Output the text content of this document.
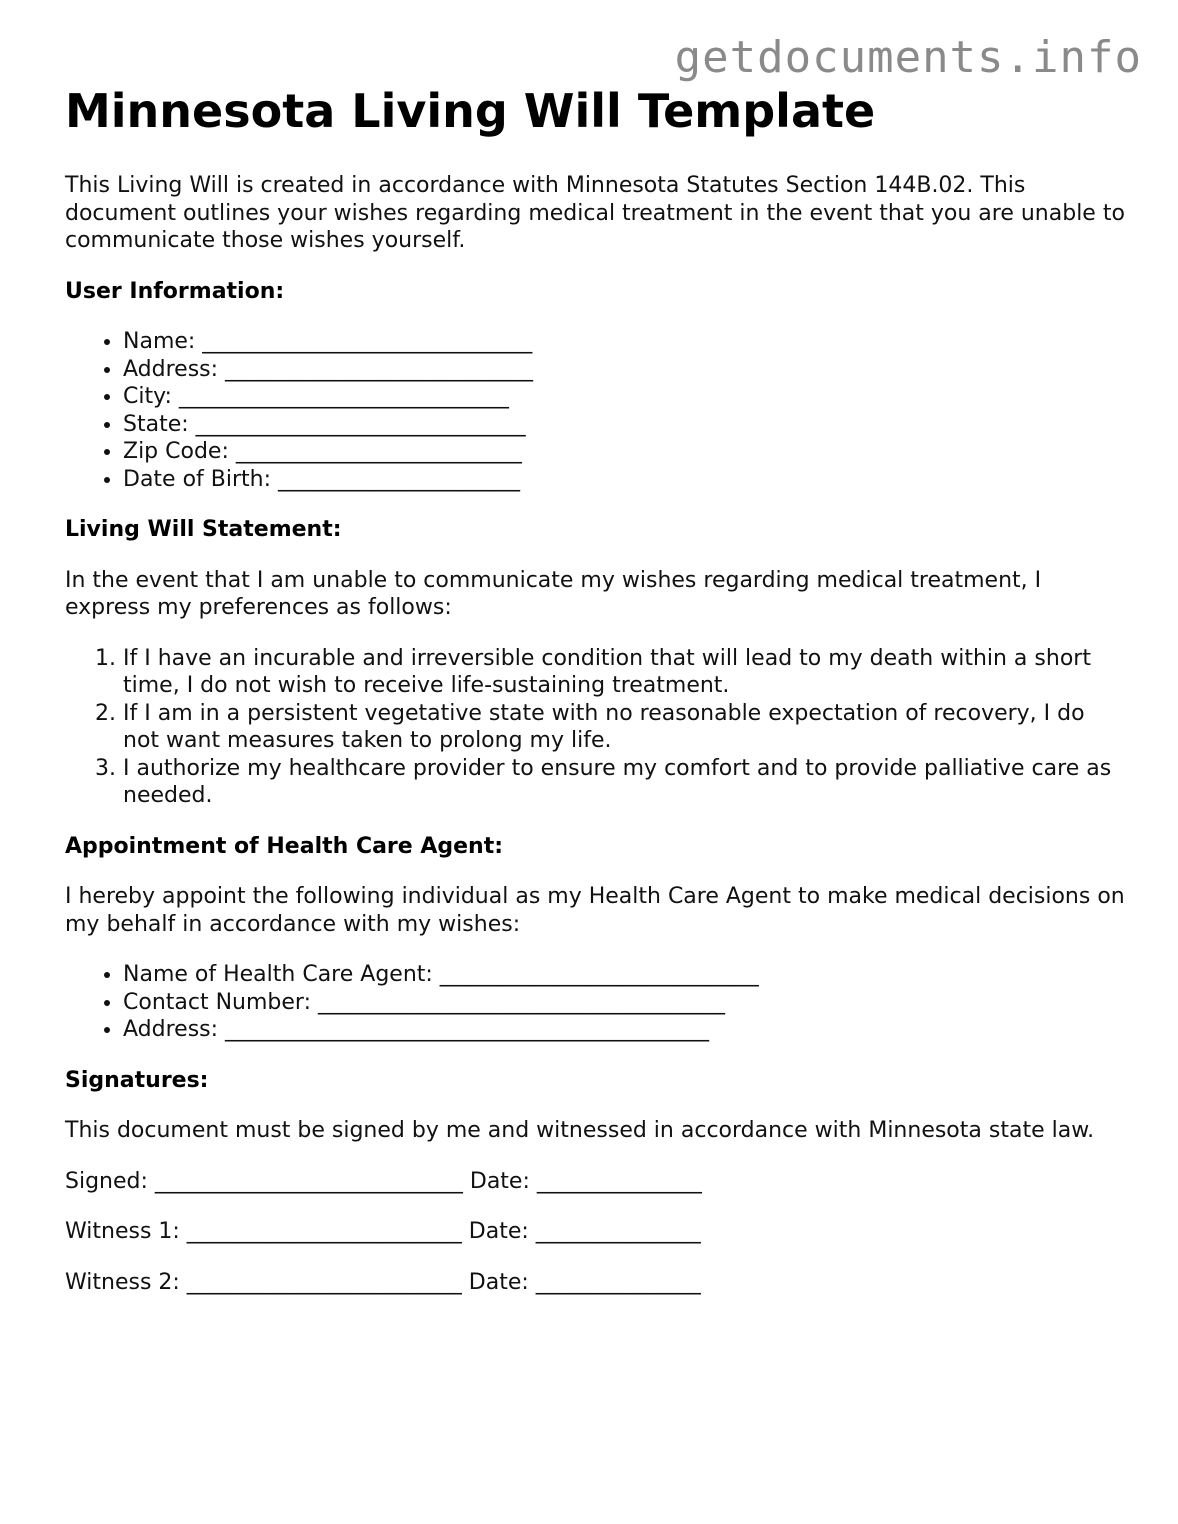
getdocuments.info
Minnesota Living Will Template

This Living Will is created in accordance with Minnesota Statutes Section 144B.02. This document outlines your wishes regarding medical treatment in the event that you are unable to communicate those wishes yourself.

User Information:
• Name: ______________________________
• Address: ____________________________
• City: ______________________________
• State: ______________________________
• Zip Code: __________________________
• Date of Birth: ______________________
Living Will Statement:

In the event that I am unable to communicate my wishes regarding medical treatment, I express my preferences as follows:

1. If I have an incurable and irreversible condition that will lead to my death within a short time, I do not wish to receive life-sustaining treatment.
2. If I am in a persistent vegetative state with no reasonable expectation of recovery, I do not want measures taken to prolong my life.
3. I authorize my healthcare provider to ensure my comfort and to provide palliative care as needed.
Appointment of Health Care Agent:

I hereby appoint the following individual as my Health Care Agent to make medical decisions on my behalf in accordance with my wishes:

• Name of Health Care Agent: _____________________________
• Contact Number: _____________________________________
• Address: ____________________________________________
Signatures:

This document must be signed by me and witnessed in accordance with Minnesota state law.

Signed: ____________________________ Date: _______________

Witness 1: _________________________ Date: _______________

Witness 2: _________________________ Date: _______________
